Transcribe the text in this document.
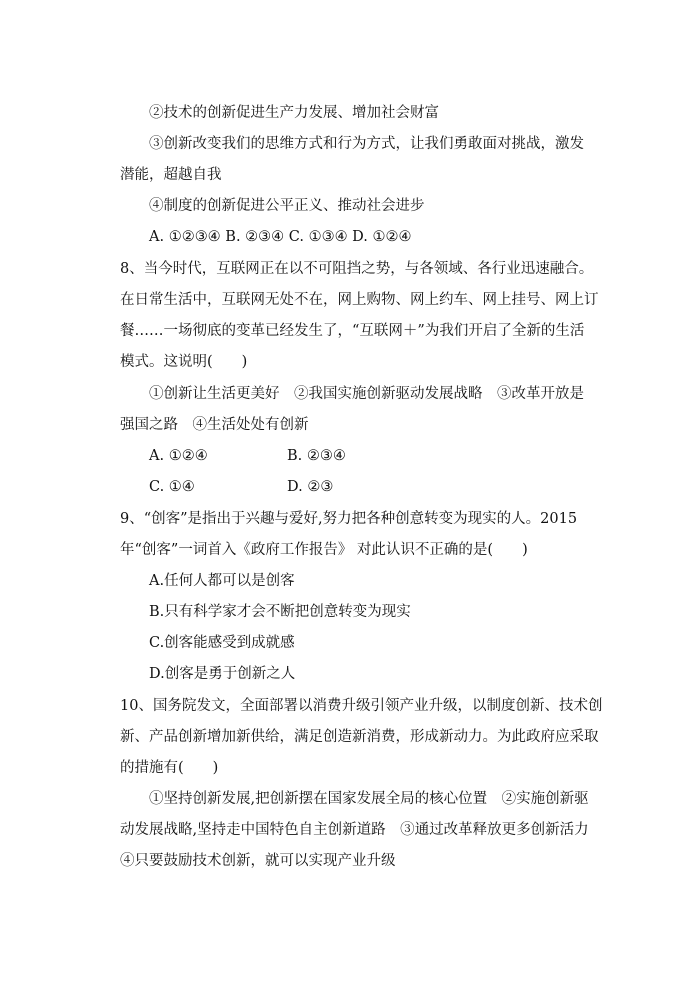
②技术的创新促进生产力发展、增加社会财富
③创新改变我们的思维方式和行为方式，让我们勇敢面对挑战，激发
潜能，超越自我
④制度的创新促进公平正义、推动社会进步
A. ①②③④ B. ②③④ C. ①③④ D. ①②④
8、当今时代，互联网正在以不可阻挡之势，与各领域、各行业迅速融合。
在日常生活中，互联网无处不在，网上购物、网上约车、网上挂号、网上订
餐……一场彻底的变革已经发生了，“互联网＋”为我们开启了全新的生活
模式。这说明(　　)
①创新让生活更美好　②我国实施创新驱动发展战略　③改革开放是
强国之路　④生活处处有创新
A. ①②④	B. ②③④
C. ①④	D. ②③
9、“创客”是指出于兴趣与爱好,努力把各种创意转变为现实的人。2015
年“创客”一词首入《政府工作报告》 对此认识不正确的是(　　)
A.任何人都可以是创客
B.只有科学家才会不断把创意转变为现实
C.创客能感受到成就感
D.创客是勇于创新之人
10、国务院发文，全面部署以消费升级引领产业升级，以制度创新、技术创
新、产品创新增加新供给，满足创造新消费，形成新动力。为此政府应采取
的措施有(　　)
①坚持创新发展,把创新摆在国家发展全局的核心位置　②实施创新驱
动发展战略,坚持走中国特色自主创新道路　③通过改革释放更多创新活力
④只要鼓励技术创新，就可以实现产业升级
